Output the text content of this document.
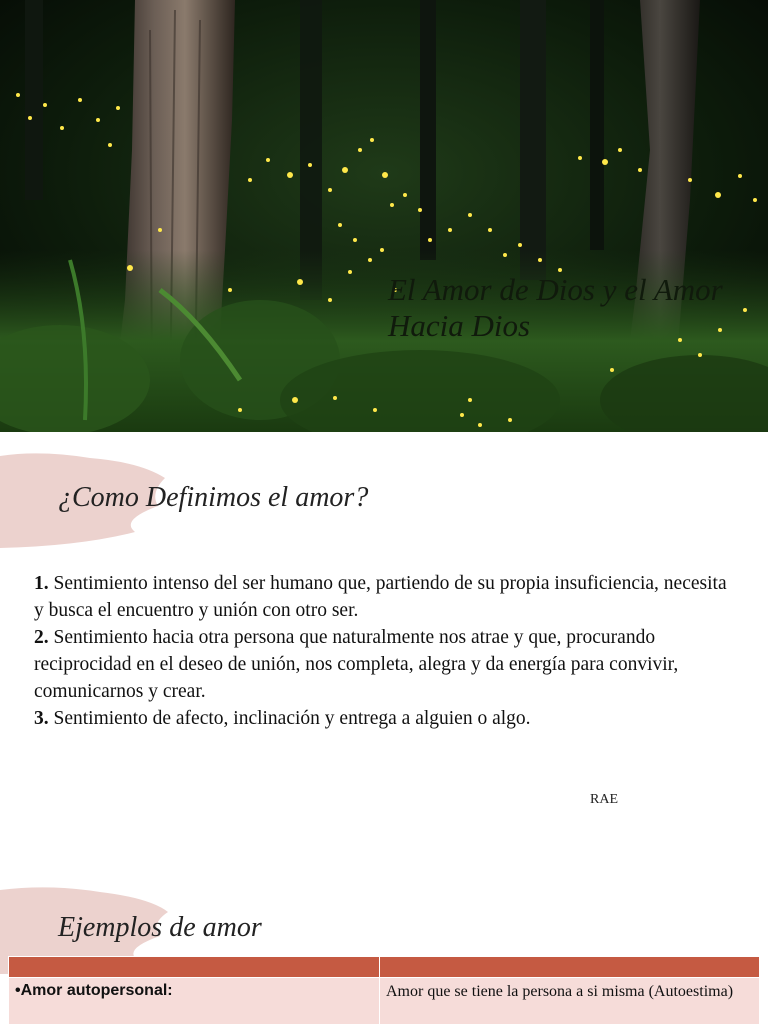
El Amor de Dios y el Amor Hacia Dios
¿Como Definimos el amor?

1. Sentimiento intenso del ser humano que, partiendo de su propia insuficiencia, necesita y busca el encuentro y unión con otro ser.

2. Sentimiento hacia otra persona que naturalmente nos atrae y que, procurando reciprocidad en el deseo de unión, nos completa, alegra y da energía para convivir, comunicarnos y crear.

3. Sentimiento de afecto, inclinación y entrega a alguien o algo.

RAE
Ejemplos de amor

•Amor autopersonal:	Amor que se tiene la persona a si misma (Autoestima)
